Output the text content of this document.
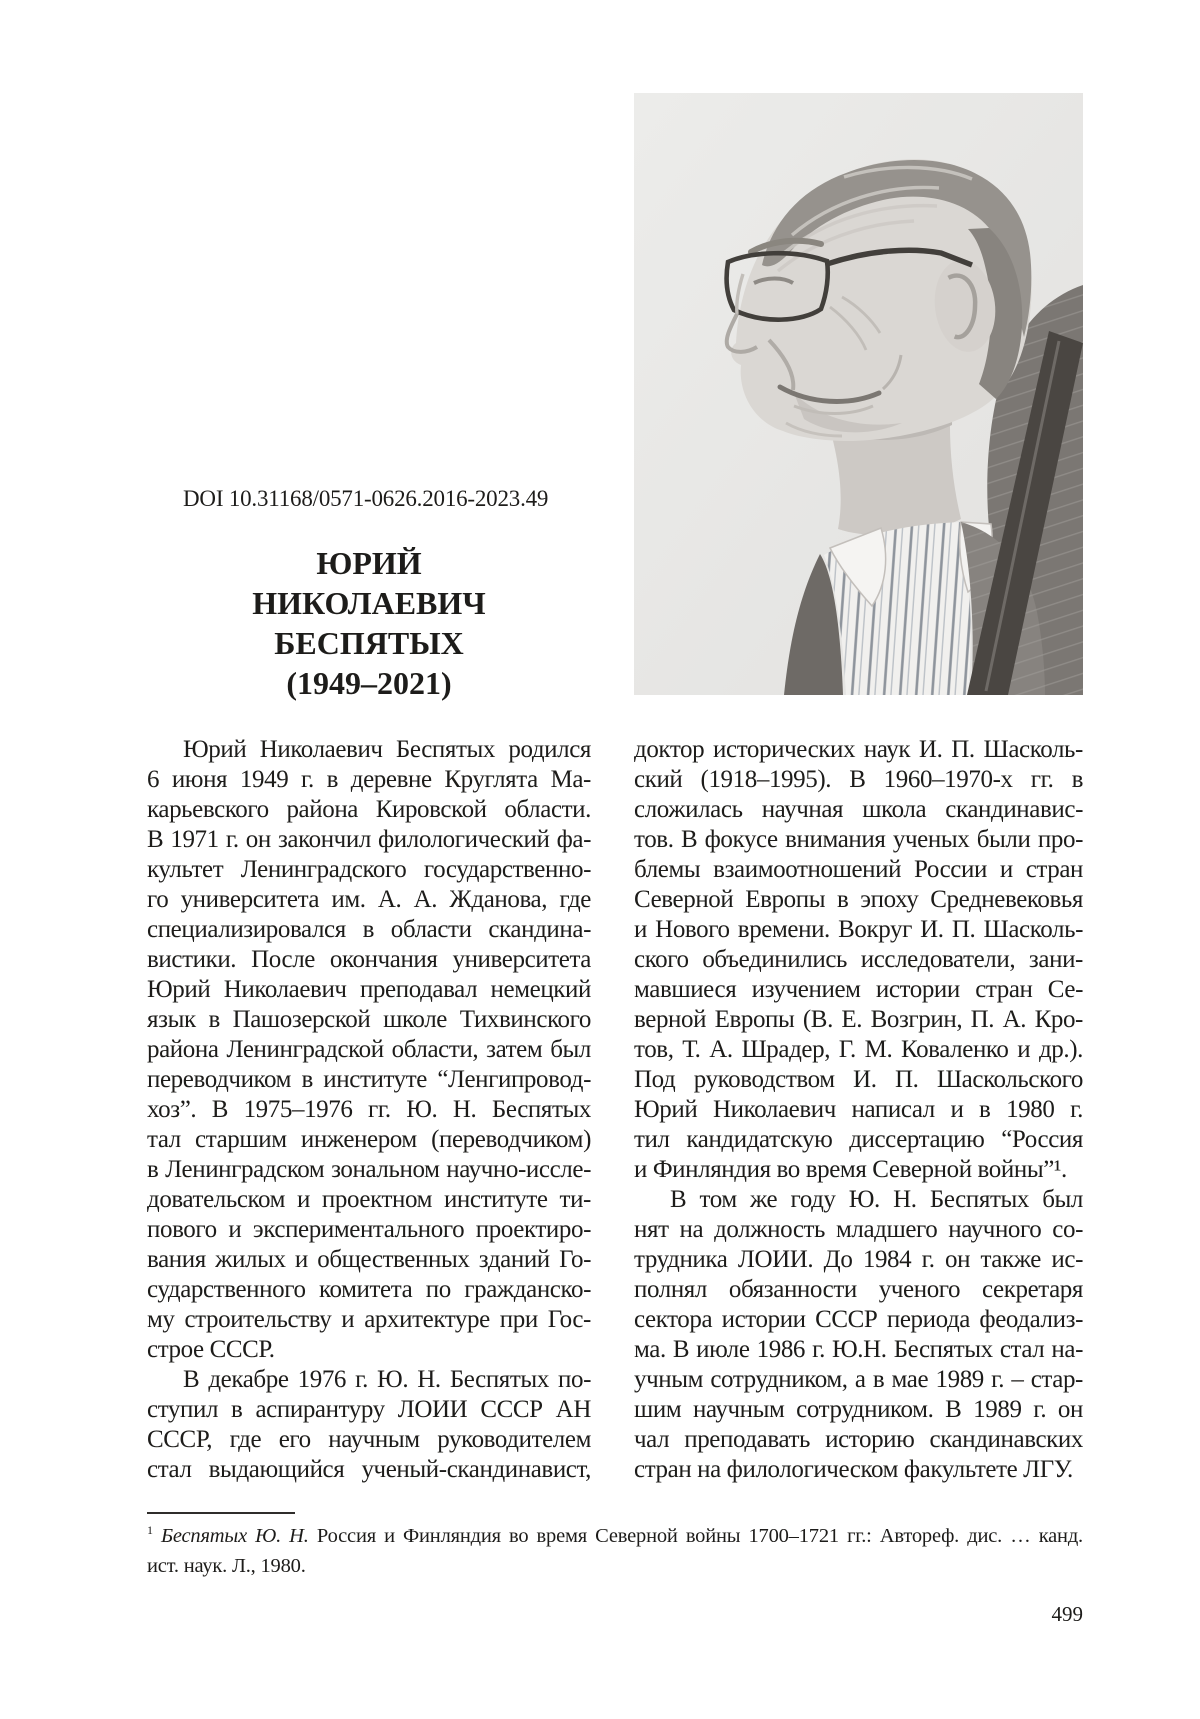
DOI 10.31168/0571-0626.2016-2023.49
ЮРИЙ
НИКОЛАЕВИЧ
БЕСПЯТЫХ
(1949–2021)
Юрий Николаевич Беспятых родился
6 июня 1949 г. в деревне Круглята Ма-
карьевского района Кировской области.
В 1971 г. он закончил филологический фа-
культет Ленинградского государственно-
го университета им. А. А. Жданова, где
специализировался в области скандина-
вистики. После окончания университета
Юрий Николаевич преподавал немецкий
язык в Пашозерской школе Тихвинского
района Ленинградской области, затем был
переводчиком в институте “Ленгипровод-
хоз”. В 1975–1976 гг. Ю. Н. Беспятых
тал старшим инженером (переводчиком)
в Ленинградском зональном научно-иссле-
довательском и проектном институте ти-
пового и экспериментального проектиро-
вания жилых и общественных зданий Го-
сударственного комитета по гражданско-
му строительству и архитектуре при Гос-
строе СССР.
В декабре 1976 г. Ю. Н. Беспятых по-
ступил в аспирантуру ЛОИИ СССР АН
СССР, где его научным руководителем
стал выдающийся ученый-скандинавист,
доктор исторических наук И. П. Шасколь-
ский (1918–1995). В 1960–1970-х гг. в
сложилась научная школа скандинавис-
тов. В фокусе внимания ученых были про-
блемы взаимоотношений России и стран
Северной Европы в эпоху Средневековья
и Нового времени. Вокруг И. П. Шасколь-
ского объединились исследователи, зани-
мавшиеся изучением истории стран Се-
верной Европы (В. Е. Возгрин, П. А. Кро-
тов, Т. А. Шрадер, Г. М. Коваленко и др.).
Под руководством И. П. Шаскольского
Юрий Николаевич написал и в 1980 г.
тил кандидатскую диссертацию “Россия
и Финляндия во время Северной войны”¹.
В том же году Ю. Н. Беспятых был
нят на должность младшего научного со-
трудника ЛОИИ. До 1984 г. он также ис-
полнял обязанности ученого секретаря
сектора истории СССР периода феодализ-
ма. В июле 1986 г. Ю.Н. Беспятых стал на-
учным сотрудником, а в мае 1989 г. – стар-
шим научным сотрудником. В 1989 г. он
чал преподавать историю скандинавских
стран на филологическом факультете ЛГУ.
$^1$ Беспятых Ю. Н. Россия и Финляндия во время Северной войны 1700–1721 гг.: Автореф. дис. … канд.
ист. наук. Л., 1980.
499
